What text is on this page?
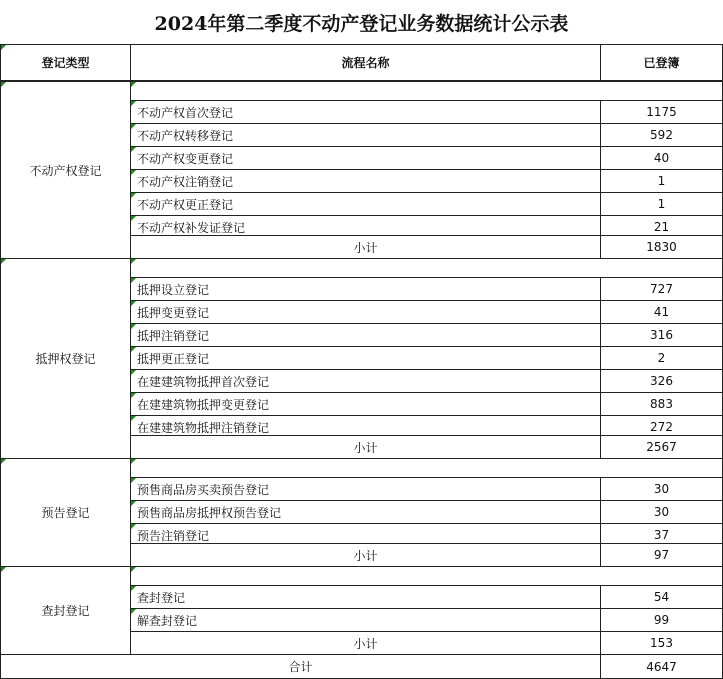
2024年第二季度不动产登记业务数据统计公示表
登记类型	流程名称	已登簿
不动产权登记
不动产权首次登记	1175
不动产权转移登记	592
不动产权变更登记	40
不动产权注销登记	1
不动产权更正登记	1
不动产权补发证登记	21
小计	1830
抵押权登记
抵押设立登记	727
抵押变更登记	41
抵押注销登记	316
抵押更正登记	2
在建建筑物抵押首次登记	326
在建建筑物抵押变更登记	883
在建建筑物抵押注销登记	272
小计	2567
预告登记
预售商品房买卖预告登记	30
预售商品房抵押权预告登记	30
预告注销登记	37
小计	97
查封登记
查封登记	54
解查封登记	99
小计	153
合计	4647
